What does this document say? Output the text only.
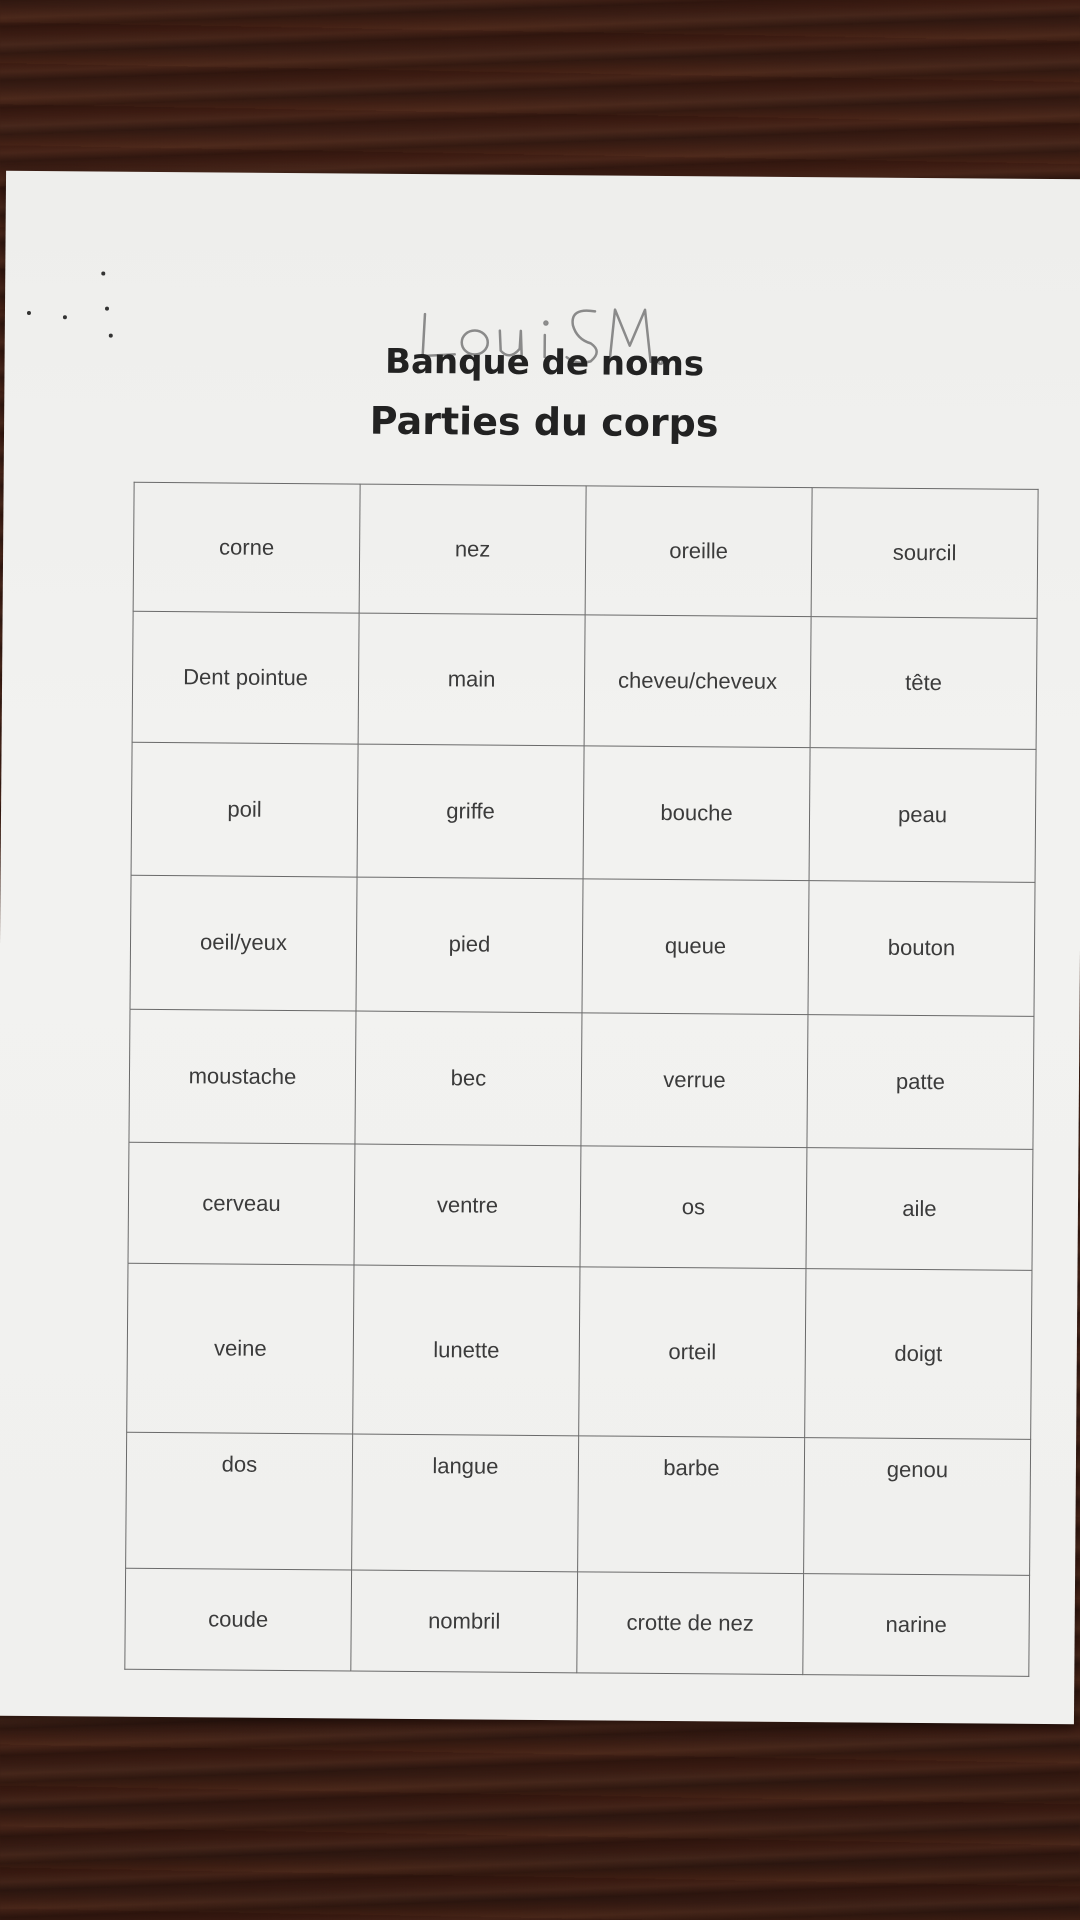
Banque de noms
Parties du corps
corne	nez	oreille	sourcil
Dent pointue	main	cheveu/cheveux	tête
poil	griffe	bouche	peau
oeil/yeux	pied	queue	bouton
moustache	bec	verrue	patte
cerveau	ventre	os	aile
veine	lunette	orteil	doigt
dos	langue	barbe	genou
coude	nombril	crotte de nez	narine
